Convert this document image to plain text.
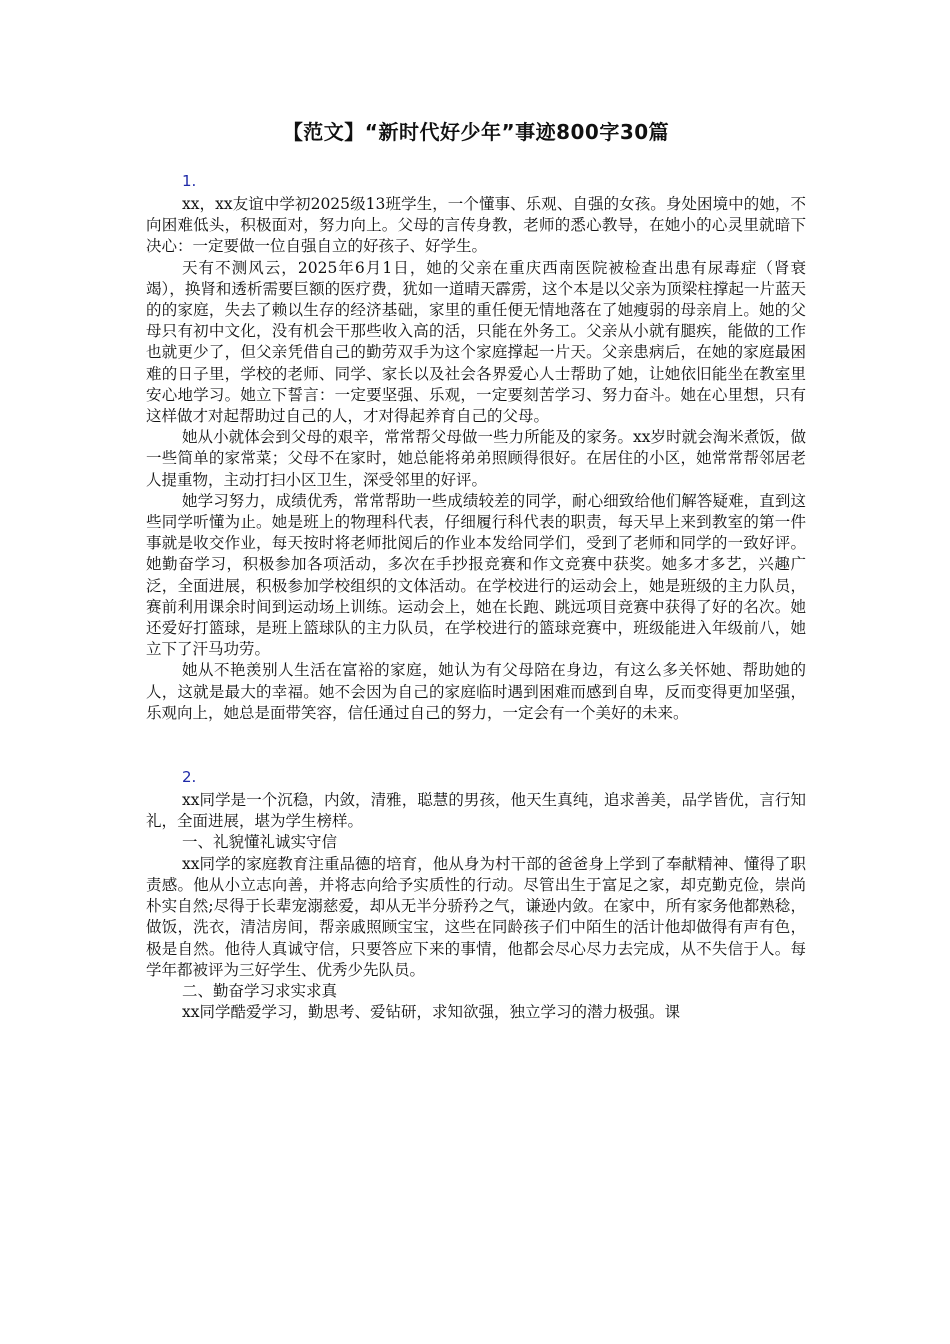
【范文】“新时代好少年”事迹800字30篇
1.

xx，xx友谊中学初2025级13班学生，一个懂事、乐观、自强的女孩。身处困境中的她，不向困难低头，积极面对，努力向上。父母的言传身教，老师的悉心教导，在她小的心灵里就暗下决心：一定要做一位自强自立的好孩子、好学生。

天有不测风云，2025年6月1日，她的父亲在重庆西南医院被检查出患有尿毒症（肾衰竭），换肾和透析需要巨额的医疗费，犹如一道晴天霹雳，这个本是以父亲为顶梁柱撑起一片蓝天的的家庭，失去了赖以生存的经济基础，家里的重任便无情地落在了她瘦弱的母亲肩上。她的父母只有初中文化，没有机会干那些收入高的活，只能在外务工。父亲从小就有腿疾，能做的工作也就更少了，但父亲凭借自己的勤劳双手为这个家庭撑起一片天。父亲患病后，在她的家庭最困难的日子里，学校的老师、同学、家长以及社会各界爱心人士帮助了她，让她依旧能坐在教室里安心地学习。她立下誓言：一定要坚强、乐观，一定要刻苦学习、努力奋斗。她在心里想，只有这样做才对起帮助过自己的人，才对得起养育自己的父母。

她从小就体会到父母的艰辛，常常帮父母做一些力所能及的家务。xx岁时就会淘米煮饭，做一些简单的家常菜；父母不在家时，她总能将弟弟照顾得很好。在居住的小区，她常常帮邻居老人提重物，主动打扫小区卫生，深受邻里的好评。

她学习努力，成绩优秀，常常帮助一些成绩较差的同学，耐心细致给他们解答疑难，直到这些同学听懂为止。她是班上的物理科代表，仔细履行科代表的职责，每天早上来到教室的第一件事就是收交作业，每天按时将老师批阅后的作业本发给同学们，受到了老师和同学的一致好评。她勤奋学习，积极参加各项活动，多次在手抄报竞赛和作文竞赛中获奖。她多才多艺，兴趣广泛，全面进展，积极参加学校组织的文体活动。在学校进行的运动会上，她是班级的主力队员，赛前利用课余时间到运动场上训练。运动会上，她在长跑、跳远项目竞赛中获得了好的名次。她还爱好打篮球，是班上篮球队的主力队员，在学校进行的篮球竞赛中，班级能进入年级前八，她立下了汗马功劳。

她从不艳羡别人生活在富裕的家庭，她认为有父母陪在身边，有这么多关怀她、帮助她的人，这就是最大的幸福。她不会因为自己的家庭临时遇到困难而感到自卑，反而变得更加坚强，乐观向上，她总是面带笑容，信任通过自己的努力，一定会有一个美好的未来。

2.

xx同学是一个沉稳，内敛，清雅，聪慧的男孩，他天生真纯，追求善美，品学皆优，言行知礼，全面进展，堪为学生榜样。

一、礼貌懂礼诚实守信

xx同学的家庭教育注重品德的培育，他从身为村干部的爸爸身上学到了奉献精神、懂得了职责感。他从小立志向善，并将志向给予实质性的行动。尽管出生于富足之家，却克勤克俭，崇尚朴实自然;尽得于长辈宠溺慈爱，却从无半分骄矜之气，谦逊内敛。在家中，所有家务他都熟稔，做饭，洗衣，清洁房间，帮亲戚照顾宝宝，这些在同龄孩子们中陌生的活计他却做得有声有色，极是自然。他待人真诚守信，只要答应下来的事情，他都会尽心尽力去完成，从不失信于人。每学年都被评为三好学生、优秀少先队员。

二、勤奋学习求实求真

xx同学酷爱学习，勤思考、爱钻研，求知欲强，独立学习的潜力极强。课
